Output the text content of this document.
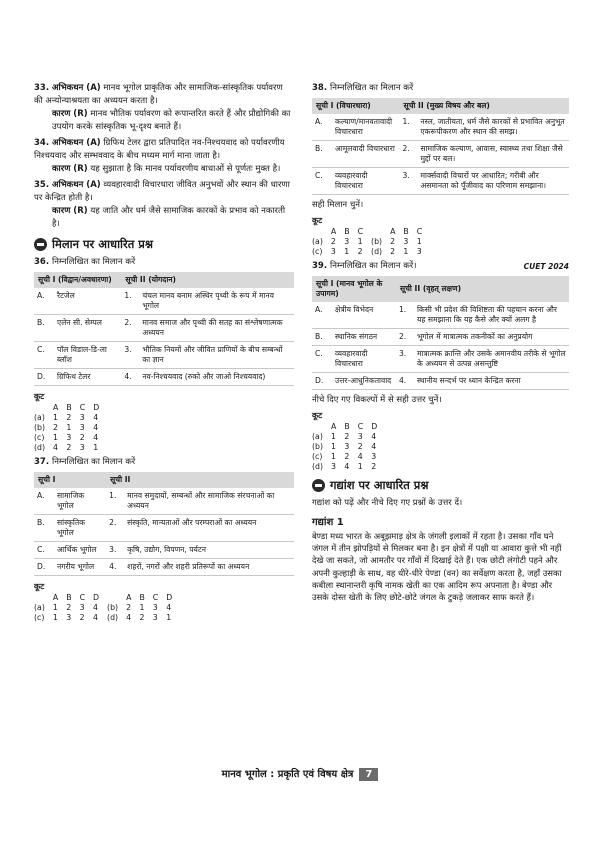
33. अभिकथन (A) मानव भूगोल प्राकृतिक और सामाजिक-सांस्कृतिक पर्यावरण की अन्योन्याश्रयता का अध्ययन करता है।
कारण (R) मानव भौतिक पर्यावरण को रूपान्तरित करते हैं और प्रौद्योगिकी का उपयोग करके सांस्कृतिक भू-दृश्य बनाते हैं।
34. अभिकथन (A) ग्रिफिथ टेलर द्वारा प्रतिपादित नव-निश्चयवाद को पर्यावरणीय निश्चयवाद और सम्भववाद के बीच मध्यम मार्ग माना जाता है।
कारण (R) यह सुझाता है कि मानव पर्यावरणीय बाधाओं से पूर्णतः मुक्त है।
35. अभिकथन (A) व्यवहारवादी विचारधारा जीवित अनुभवों और स्थान की धारणा पर केन्द्रित होती है।
कारण (R) यह जाति और धर्म जैसे सामाजिक कारकों के प्रभाव को नकारती है।
मिलान पर आधारित प्रश्न
36. निम्नलिखित का मिलान करें
सूची I (विद्वान/अवधारणा)		सूची II (योगदान)	
A.	रैटजेल	1.	चंचल मानव बनाम अस्थिर पृथ्वी के रूप में मानव भूगोल
B.	एलेन सी. सेम्पल	2.	मानव समाज और पृथ्वी की सतह का संश्लेषणात्मक अध्ययन
C.	पॉल विडाल-डि-ला ब्लॉश	3.	भौतिक नियमों और जीवित प्राणियों के बीच सम्बन्धों का ज्ञान
D.	ग्रिफिथ टेलर	4.	नव-निश्चयवाद (रुको और जाओ निश्चयवाद)
कूट
	A	B	C	D
(a)	1	2	3	4
(b)	2	1	3	4
(c)	1	3	2	4
(d)	4	2	3	1
37. निम्नलिखित का मिलान करें
सूची I		सूची II	
A.	सामाजिक भूगोल	1.	मानव समुदायों, सम्बन्धों और सामाजिक संरचनाओं का अध्ययन
B.	सांस्कृतिक भूगोल	2.	संस्कृति, मान्यताओं और परम्पराओं का अध्ययन
C.	आर्थिक भूगोल	3.	कृषि, उद्योग, विपणन, पर्यटन
D.	नगरीय भूगोल	4.	शहरों, नगरों और शहरी प्रतिरूपों का अध्ययन
कूट
	A	B	C	D		A	B	C	D
(a)	1	2	3	4	(b)	2	1	3	4
(c)	1	3	2	4	(d)	4	2	3	1
38. निम्नलिखित का मिलान करें
सूची I (विचारधारा)		सूची II (मुख्य विषय और बल)	
A.	कल्याण/मानवतावादी विचारधारा	1.	नस्ल, जातीयता, धर्म जैसे कारकों से प्रभावित अनुभूत एकरूपीकरण और स्थान की समझ।
B.	आमूलवादी विचारधारा	2.	सामाजिक कल्याण, आवास, स्वास्थ्य तथा शिक्षा जैसे मुद्दों पर बल।
C.	व्यवहारवादी विचारधारा	3.	मार्क्सवादी विचारों पर आधारित; गरीबी और असमानता को पूँजीवाद का परिणाम समझाना।
सही मिलान चुनें।
कूट
	A	B	C		A	B	C
(a)	2	3	1	(b)	2	3	1
(c)	3	1	2	(d)	2	1	3
CUET 2024
39. निम्नलिखित का मिलान करें।
सूची I (मानव भूगोल के उपागम)		सूची II (वृहत् लक्षण)	
A.	क्षेत्रीय विभेदन	1.	किसी भी प्रदेश की विशिष्टता की पहचान करना और यह समझाना कि यह कैसे और क्यों अलग है
B.	स्थानिक संगठन	2.	भूगोल में मात्रात्मक तकनीकों का अनुप्रयोग
C.	व्यवहारवादी विचारधारा	3.	मात्रात्मक क्रान्ति और उसके अमानवीय तरीके से भूगोल के अध्ययन से उत्पन्न असन्तुष्टि
D.	उत्तर-आधुनिकतावाद	4.	स्थानीय सन्दर्भ पर ध्यान केन्द्रित करना
नीचे दिए गए विकल्पों में से सही उत्तर चुनें।
कूट
	A	B	C	D
(a)	1	2	3	4
(b)	1	3	2	4
(c)	1	2	4	3
(d)	3	4	1	2
गद्यांश पर आधारित प्रश्न
गद्यांश को पढ़ें और नीचे दिए गए प्रश्नों के उत्तर दें।
गद्यांश 1
बेण्डा मध्य भारत के अबूझमाड़ क्षेत्र के जंगली इलाकों में रहता है। उसका गाँव घने जंगल में तीन झोपड़ियों से मिलकर बना है। इन क्षेत्रों में पक्षी या आवारा कुत्ते भी नहीं देखे जा सकते, जो आमतौर पर गाँवों में दिखाई देते हैं। एक छोटी लंगोटी पहने और अपनी कुल्हाड़ी के साथ, वह धीरे-धीरे पेण्डा (वन) का सर्वेक्षण करता है, जहाँ उसका कबीला स्थानान्तरी कृषि नामक खेती का एक आदिम रूप अपनाता है। बेण्डा और उसके दोस्त खेती के लिए छोटे-छोटे जंगल के टुकड़े जलाकर साफ करते हैं।
मानव भूगोल : प्रकृति एवं विषय क्षेत्र 7
